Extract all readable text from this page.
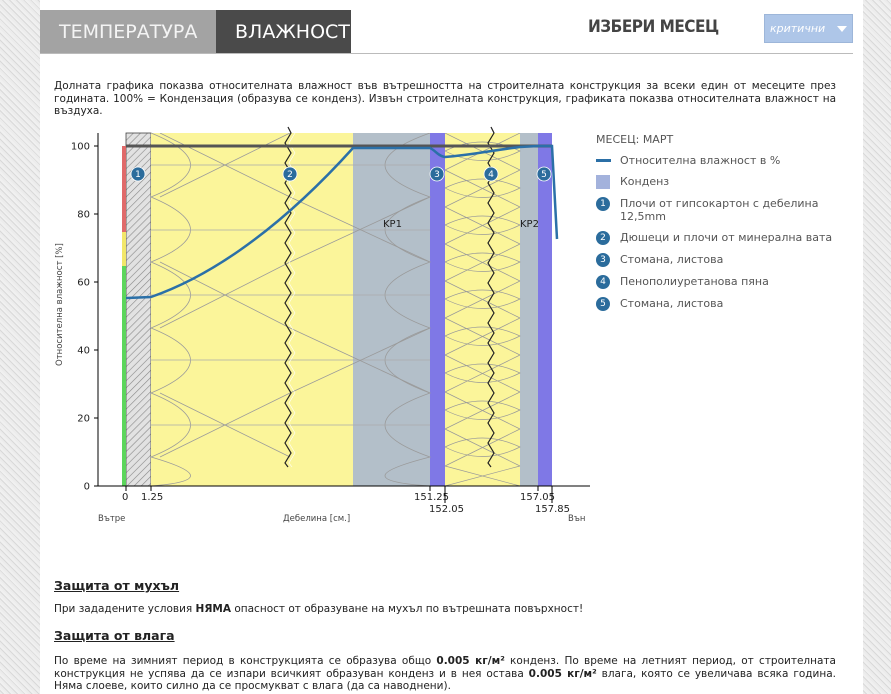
ТЕМПЕРАТУРА	ВЛАЖНОСТ	ИЗБЕРИ МЕСЕЦ	критични
Долната графика показва относителната влажност във вътрешността на строителната конструкция за всеки един от месеците през годината. 100% = Кондензация (образува се конденз). Извън строителната конструкция, графиката показва относителната влажност на въздуха.
0
20
40
60
80
100
Относителна влажност [%]
1	2	3	4	5
KP1	KP2
0 1.25	151.25
152.05
157.05
157.85
Вътре	Дебелина [см.]	Вън
МЕСЕЦ: МАРТ
Относителна влажност в %
Конденз
1	Плочи от гипсокартон с дебелина 12,5mm
2	Дюшеци и плочи от минерална вата
3	Стомана, листова
4	Пенополиуретанова пяна
5	Стомана, листова
Защита от мухъл
При зададените условия НЯМА опасност от образуване на мухъл по вътрешната повърхност!
Защита от влага
По време на зимният период в конструкцията се образува общо 0.005 кг/м² конденз. По време на летният период, от строителната конструкция не успява да се изпари всичкият образуван конденз и в нея остава 0.005 кг/м² влага, която се увеличава всяка година. Няма слоеве, които силно да се просмукват с влага (да са наводнени).
